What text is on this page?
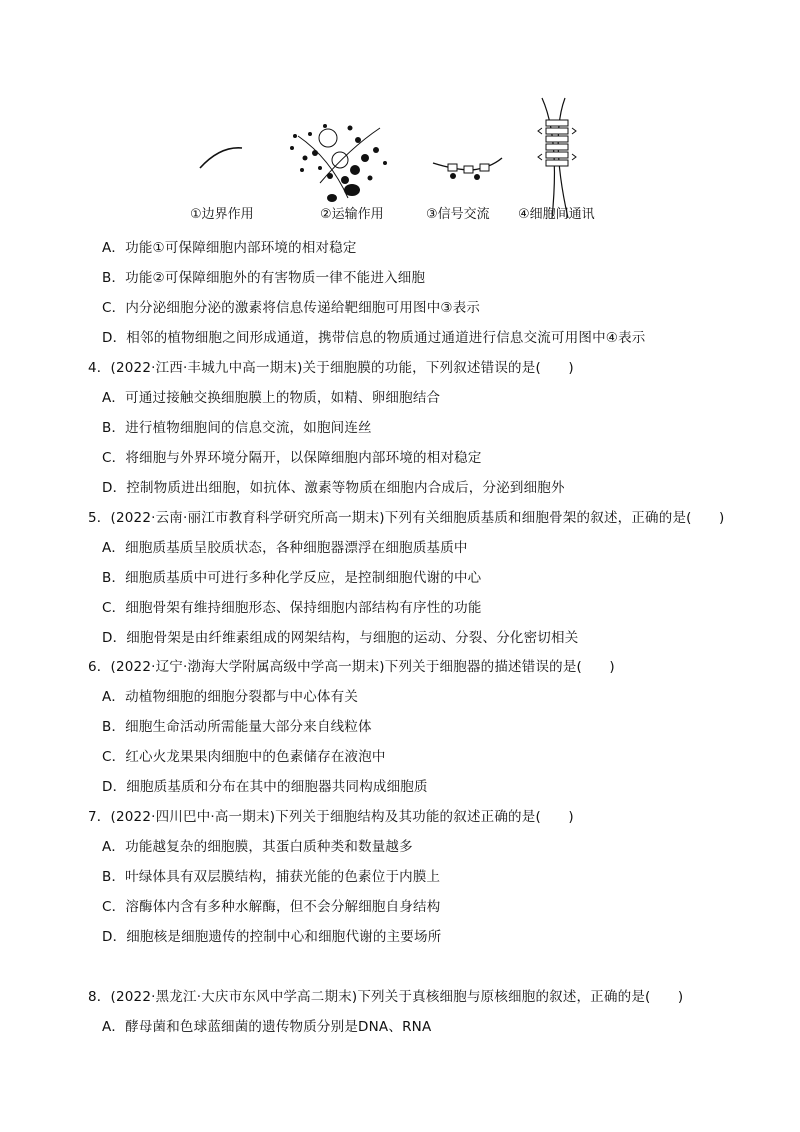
①边界作用	②运输作用	③信号交流 ④细胞间通讯
A．功能①可保障细胞内部环境的相对稳定
B．功能②可保障细胞外的有害物质一律不能进入细胞
C．内分泌细胞分泌的激素将信息传递给靶细胞可用图中③表示
D．相邻的植物细胞之间形成通道，携带信息的物质通过通道进行信息交流可用图中④表示
4．(2022·江西·丰城九中高一期末)关于细胞膜的功能，下列叙述错误的是(　　)
A．可通过接触交换细胞膜上的物质，如精、卵细胞结合
B．进行植物细胞间的信息交流，如胞间连丝
C．将细胞与外界环境分隔开，以保障细胞内部环境的相对稳定
D．控制物质进出细胞，如抗体、激素等物质在细胞内合成后，分泌到细胞外
5．(2022·云南·丽江市教育科学研究所高一期末)下列有关细胞质基质和细胞骨架的叙述，正确的是(　　)
A．细胞质基质呈胶质状态，各种细胞器漂浮在细胞质基质中
B．细胞质基质中可进行多种化学反应，是控制细胞代谢的中心
C．细胞骨架有维持细胞形态、保持细胞内部结构有序性的功能
D．细胞骨架是由纤维素组成的网架结构，与细胞的运动、分裂、分化密切相关
6．(2022·辽宁·渤海大学附属高级中学高一期末)下列关于细胞器的描述错误的是(　　)
A．动植物细胞的细胞分裂都与中心体有关
B．细胞生命活动所需能量大部分来自线粒体
C．红心火龙果果肉细胞中的色素储存在液泡中
D．细胞质基质和分布在其中的细胞器共同构成细胞质
7．(2022·四川巴中·高一期末)下列关于细胞结构及其功能的叙述正确的是(　　)
A．功能越复杂的细胞膜，其蛋白质种类和数量越多
B．叶绿体具有双层膜结构，捕获光能的色素位于内膜上
C．溶酶体内含有多种水解酶，但不会分解细胞自身结构
D．细胞核是细胞遗传的控制中心和细胞代谢的主要场所
8．(2022·黑龙江·大庆市东风中学高二期末)下列关于真核细胞与原核细胞的叙述，正确的是(　　)
A．酵母菌和色球蓝细菌的遗传物质分别是DNA、RNA
